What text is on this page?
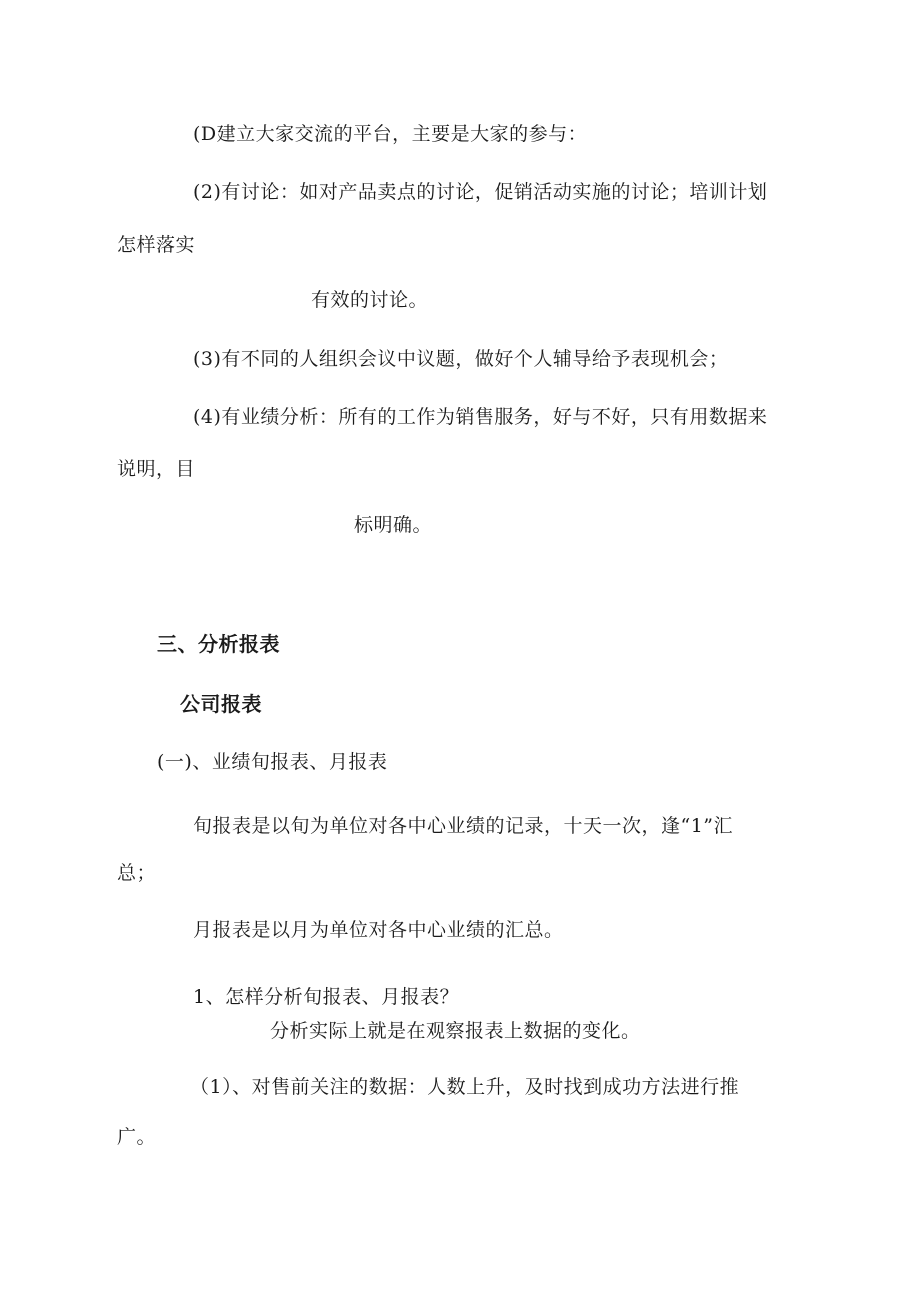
(D建立大家交流的平台，主要是大家的参与：
(2)有讨论：如对产品卖点的讨论，促销活动实施的讨论；培训计划
怎样落实
有效的讨论。
(3)有不同的人组织会议中议题，做好个人辅导给予表现机会；
(4)有业绩分析：所有的工作为销售服务，好与不好，只有用数据来
说明，目
标明确。
三、分析报表
公司报表
(一)、业绩旬报表、月报表
旬报表是以旬为单位对各中心业绩的记录，十天一次，逢“1”汇
总；
月报表是以月为单位对各中心业绩的汇总。
1、怎样分析旬报表、月报表？
分析实际上就是在观察报表上数据的变化。
（1）、对售前关注的数据：人数上升，及时找到成功方法进行推
广。
